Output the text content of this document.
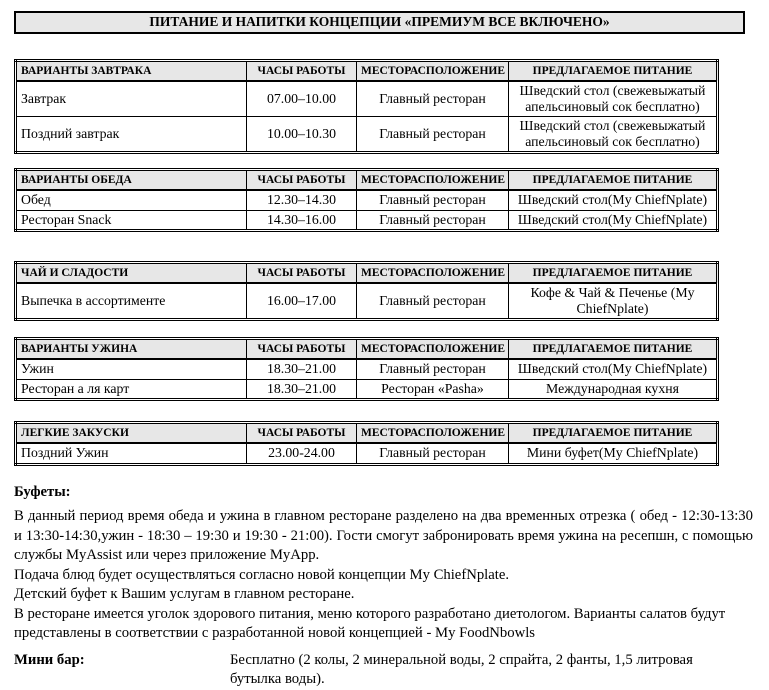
ПИТАНИЕ И НАПИТКИ КОНЦЕПЦИИ «ПРЕМИУМ ВСЕ ВКЛЮЧЕНО»
ВАРИАНТЫ ЗАВТРАКА	ЧАСЫ РАБОТЫ	МЕСТОРАСПОЛОЖЕНИЕ	ПРЕДЛАГАЕМОЕ ПИТАНИЕ
Завтрак	07.00–10.00	Главный ресторан	Шведский стол (свежевыжатый апельсиновый сок бесплатно)
Поздний завтрак	10.00–10.30	Главный ресторан	Шведский стол (свежевыжатый апельсиновый сок бесплатно)
ВАРИАНТЫ ОБЕДА	ЧАСЫ РАБОТЫ	МЕСТОРАСПОЛОЖЕНИЕ	ПРЕДЛАГАЕМОЕ ПИТАНИЕ
Обед	12.30–14.30	Главный ресторан	Шведский стол(My ChiefNplate)
Ресторан Snack	14.30–16.00	Главный ресторан	Шведский стол(My ChiefNplate)
ЧАЙ И СЛАДОСТИ	ЧАСЫ РАБОТЫ	МЕСТОРАСПОЛОЖЕНИЕ	ПРЕДЛАГАЕМОЕ ПИТАНИЕ
Выпечка в ассортименте	16.00–17.00	Главный ресторан	Кофе & Чай & Печенье (My ChiefNplate)
ВАРИАНТЫ УЖИНА	ЧАСЫ РАБОТЫ	МЕСТОРАСПОЛОЖЕНИЕ	ПРЕДЛАГАЕМОЕ ПИТАНИЕ
Ужин	18.30–21.00	Главный ресторан	Шведский стол(My ChiefNplate)
Ресторан а ля карт	18.30–21.00	Ресторан «Pasha»	Международная кухня
ЛЕГКИЕ ЗАКУСКИ	ЧАСЫ РАБОТЫ	МЕСТОРАСПОЛОЖЕНИЕ	ПРЕДЛАГАЕМОЕ ПИТАНИЕ
Поздний Ужин	23.00-24.00	Главный ресторан	Мини буфет(My ChiefNplate)

Буфеты:

В данный период время обеда и ужина в главном ресторане разделено на два временных отрезка ( обед - 12:30-13:30 и 13:30-14:30,ужин - 18:30 – 19:30 и 19:30 - 21:00). Гости смогут забронировать время ужина на ресепшн, с помощью службы MyAssist или через приложение MyApp.

Подача блюд будет осуществляться согласно новой концепции My ChiefNplate.

Детский буфет к Вашим услугам в главном ресторане.

В ресторане имеется уголок здорового питания, меню которого разработано диетологом. Варианты салатов будут представлены в соответствии с разработанной новой концепцией - My FoodNbowls

Мини бар:	Бесплатно (2 колы, 2 минеральной воды, 2 спрайта, 2 фанты, 1,5 литровая бутылка воды).
